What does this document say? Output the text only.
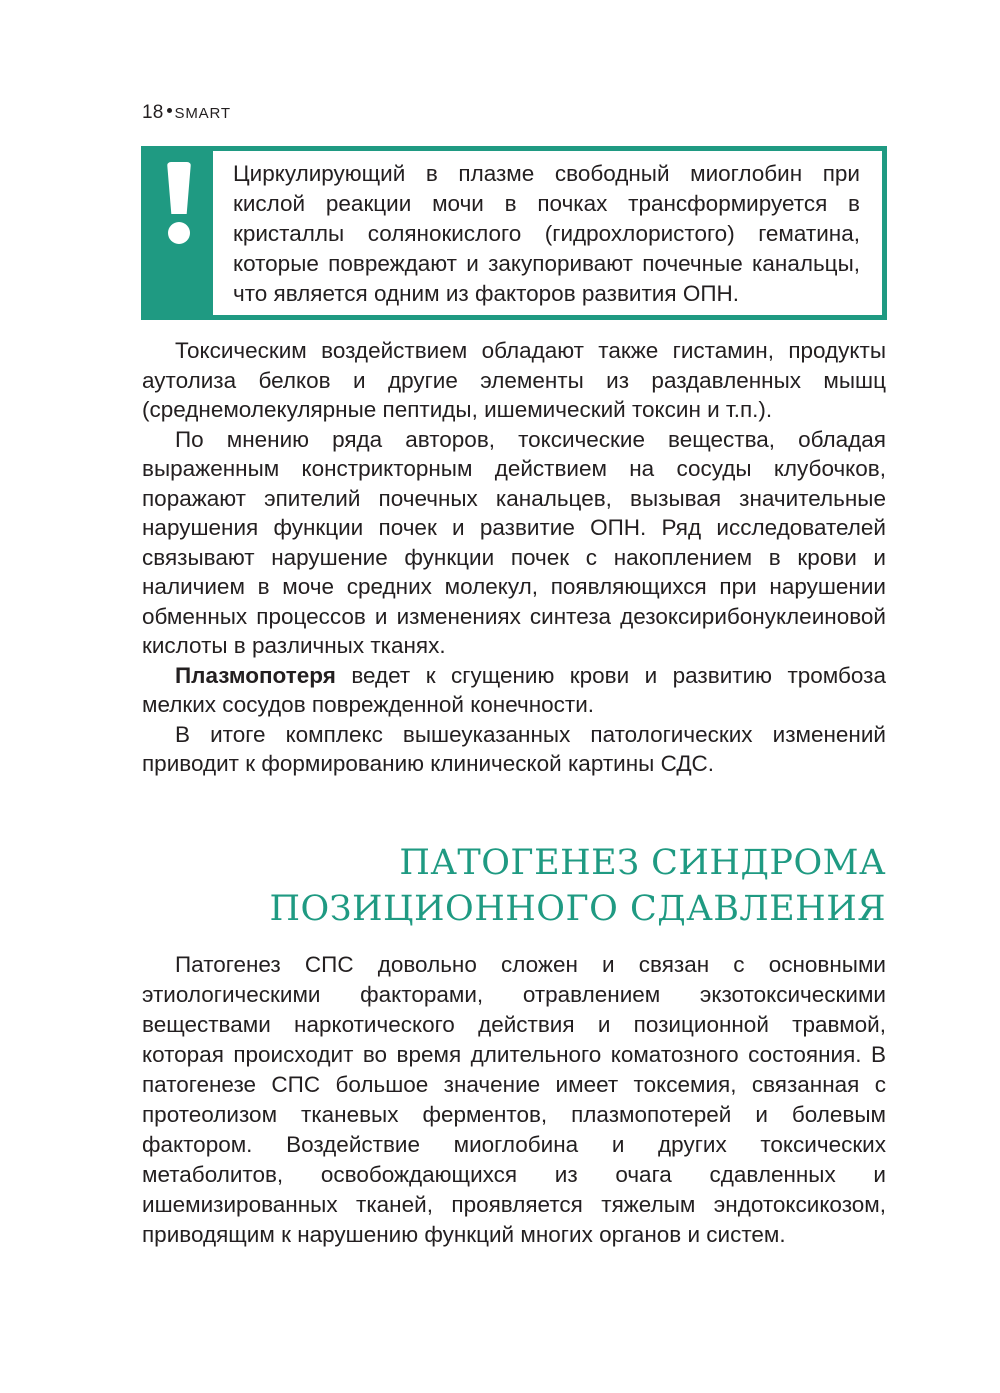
18 SMART

Циркулирующий в плазме свободный миоглобин при кислой реакции мочи в почках трансформируется в кристаллы солянокислого (гидрохлористого) гематина, которые повреждают и закупоривают почечные канальцы, что является одним из факторов развития ОПН.

Токсическим воздействием обладают также гистамин, продукты аутолиза белков и другие элементы из раздавленных мышц (среднемолекулярные пептиды, ишемический токсин и т.п.).

По мнению ряда авторов, токсические вещества, обладая выраженным констрикторным действием на сосуды клубочков, поражают эпителий почечных канальцев, вызывая значительные нарушения функции почек и развитие ОПН. Ряд исследователей связывают нарушение функции почек с накоплением в крови и наличием в моче средних молекул, появляющихся при нарушении обменных процессов и изменениях синтеза дезоксирибонуклеиновой кислоты в различных тканях.

Плазмопотеря ведет к сгущению крови и развитию тромбоза мелких сосудов поврежденной конечности.

В итоге комплекс вышеуказанных патологических изменений приводит к формированию клинической картины СДС.

ПАТОГЕНЕЗ СИНДРОМА
ПОЗИЦИОННОГО СДАВЛЕНИЯ

Патогенез СПС довольно сложен и связан с основными этиологическими факторами, отравлением экзотоксическими веществами наркотического действия и позиционной травмой, которая происходит во время длительного коматозного состояния. В патогенезе СПС большое значение имеет токсемия, связанная с протеолизом тканевых ферментов, плазмопотерей и болевым фактором. Воздействие миоглобина и других токсических метаболитов, освобождающихся из очага сдавленных и ишемизированных тканей, проявляется тяжелым эндотоксикозом, приводящим к нарушению функций многих органов и систем.
